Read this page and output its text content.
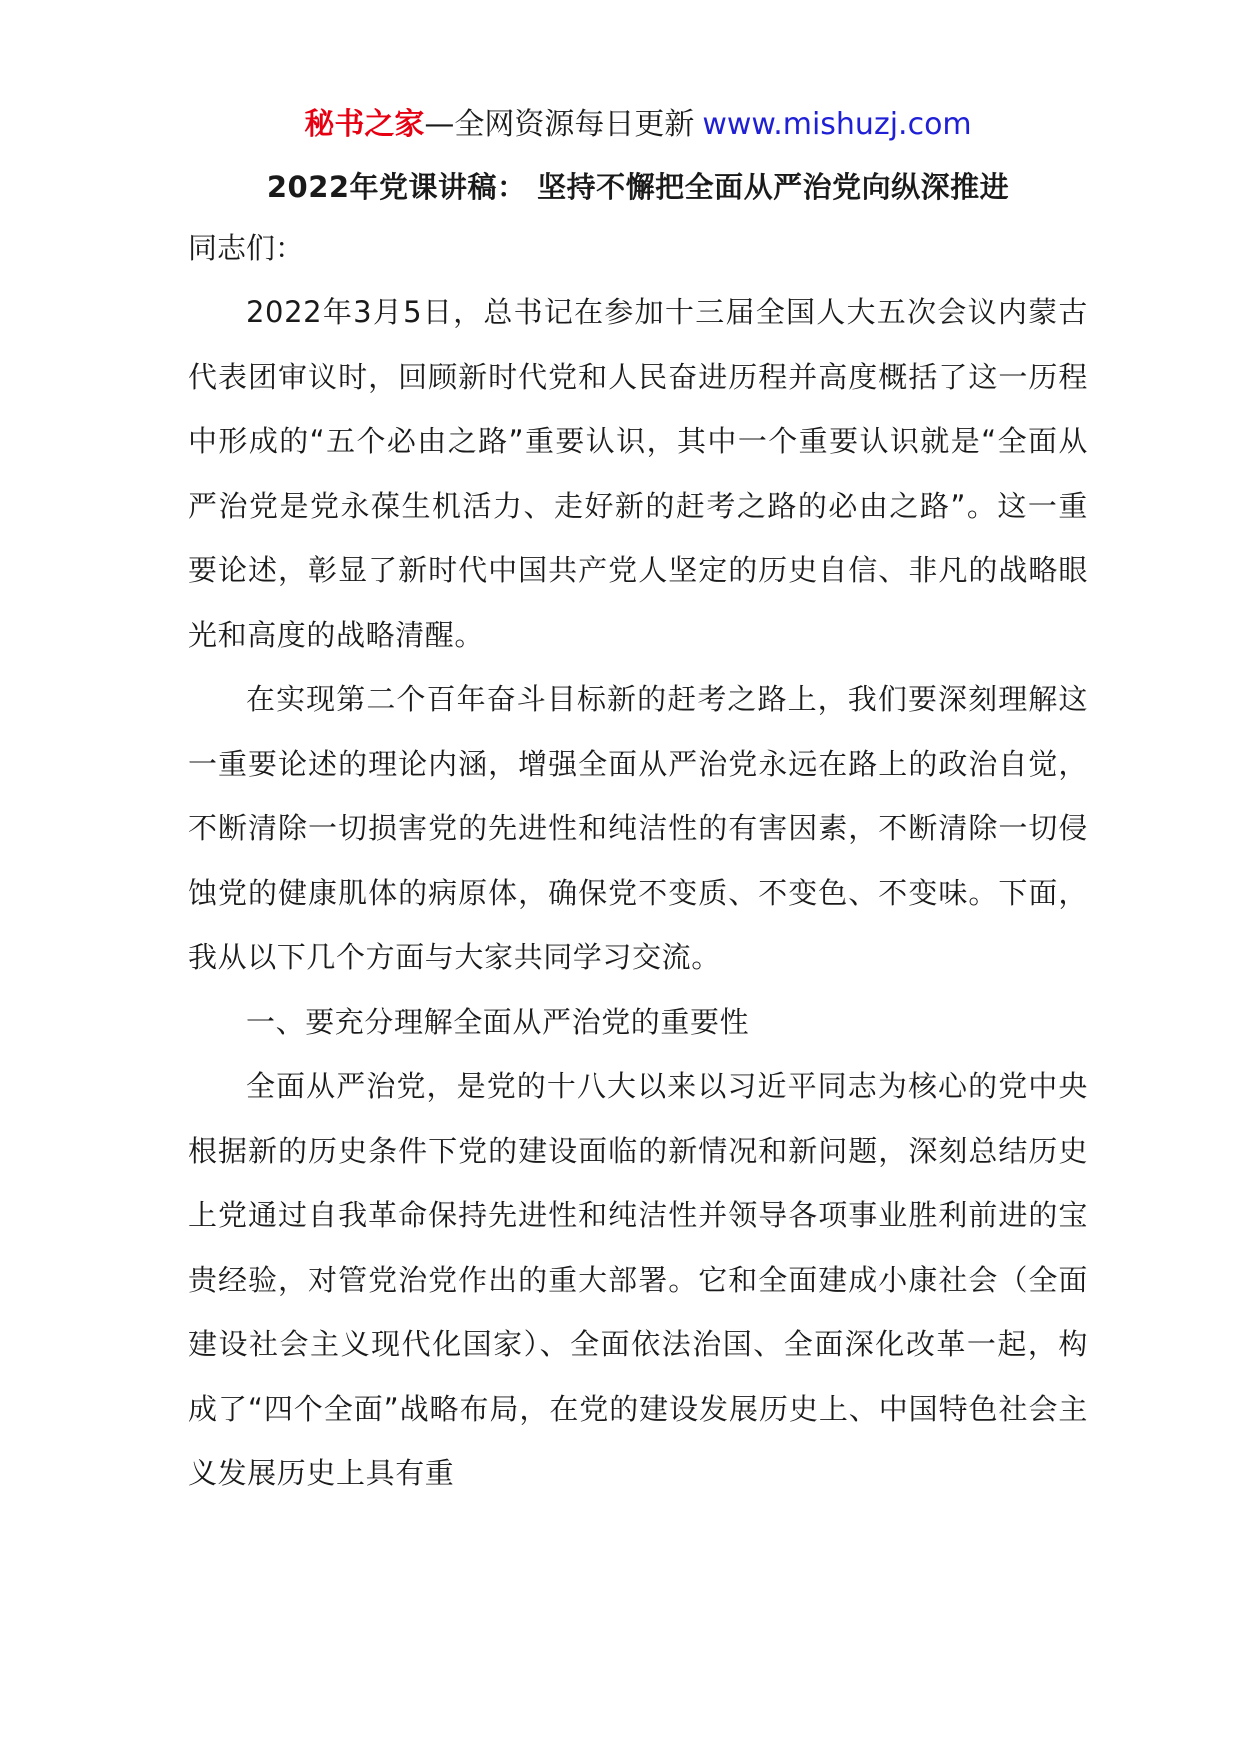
秘书之家—全网资源每日更新 www.mishuzj.com
2022年党课讲稿： 坚持不懈把全面从严治党向纵深推进
同志们：

2022年3月5日，总书记在参加十三届全国人大五次会议内蒙古代表团审议时，回顾新时代党和人民奋进历程并高度概括了这一历程中形成的“五个必由之路”重要认识，其中一个重要认识就是“全面从严治党是党永葆生机活力、走好新的赶考之路的必由之路”。这一重要论述，彰显了新时代中国共产党人坚定的历史自信、非凡的战略眼光和高度的战略清醒。

在实现第二个百年奋斗目标新的赶考之路上，我们要深刻理解这一重要论述的理论内涵，增强全面从严治党永远在路上的政治自觉，不断清除一切损害党的先进性和纯洁性的有害因素，不断清除一切侵蚀党的健康肌体的病原体，确保党不变质、不变色、不变味。下面，我从以下几个方面与大家共同学习交流。

一、要充分理解全面从严治党的重要性

全面从严治党，是党的十八大以来以习近平同志为核心的党中央根据新的历史条件下党的建设面临的新情况和新问题，深刻总结历史上党通过自我革命保持先进性和纯洁性并领导各项事业胜利前进的宝贵经验，对管党治党作出的重大部署。它和全面建成小康社会（全面建设社会主义现代化国家）、全面依法治国、全面深化改革一起，构成了“四个全面”战略布局，在党的建设发展历史上、中国特色社会主义发展历史上具有重
